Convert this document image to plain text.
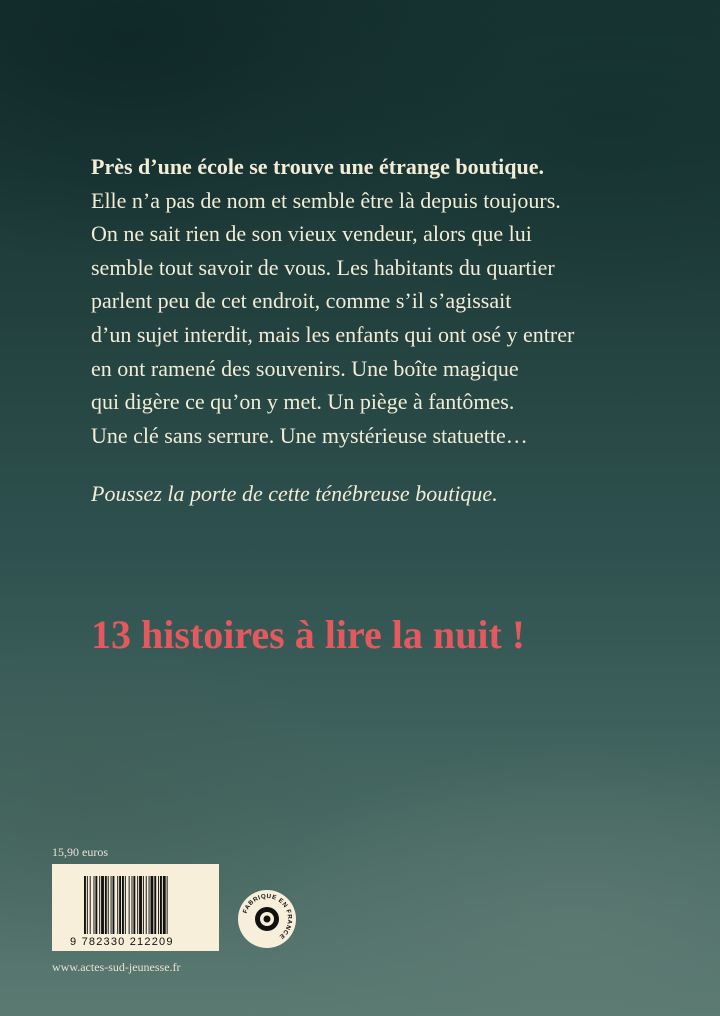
Près d’une école se trouve une étrange boutique.

Elle n’a pas de nom et semble être là depuis toujours.

On ne sait rien de son vieux vendeur, alors que lui

semble tout savoir de vous. Les habitants du quartier

parlent peu de cet endroit, comme s’il s’agissait

d’un sujet interdit, mais les enfants qui ont osé y entrer

en ont ramené des souvenirs. Une boîte magique

qui digère ce qu’on y met. Un piège à fantômes.

Une clé sans serrure. Une mystérieuse statuette…

Poussez la porte de cette ténébreuse boutique.

13 histoires à lire la nuit !
15,90 euros
9 782330 212209
FABRIQUE EN FRANCE
www.actes-sud-jeunesse.fr
